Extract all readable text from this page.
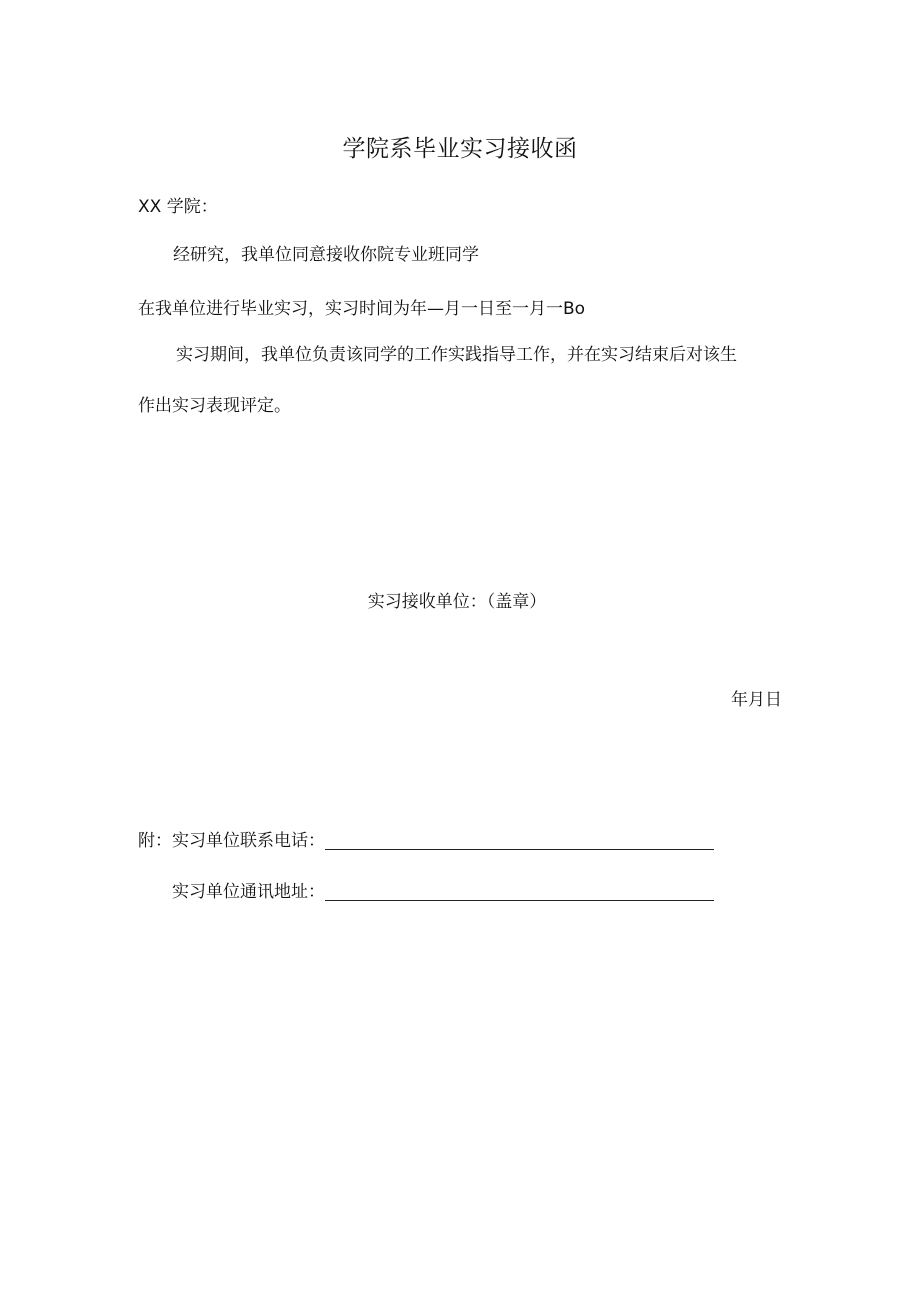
学院系毕业实习接收函
XX 学院：
经研究，我单位同意接收你院专业班同学
在我单位进行毕业实习，实习时间为年—月一日至一月一Bo
实习期间，我单位负责该同学的工作实践指导工作，并在实习结束后对该生
作出实习表现评定。
实习接收单位：（盖章）
年月日
附：实习单位联系电话：
实习单位通讯地址：
